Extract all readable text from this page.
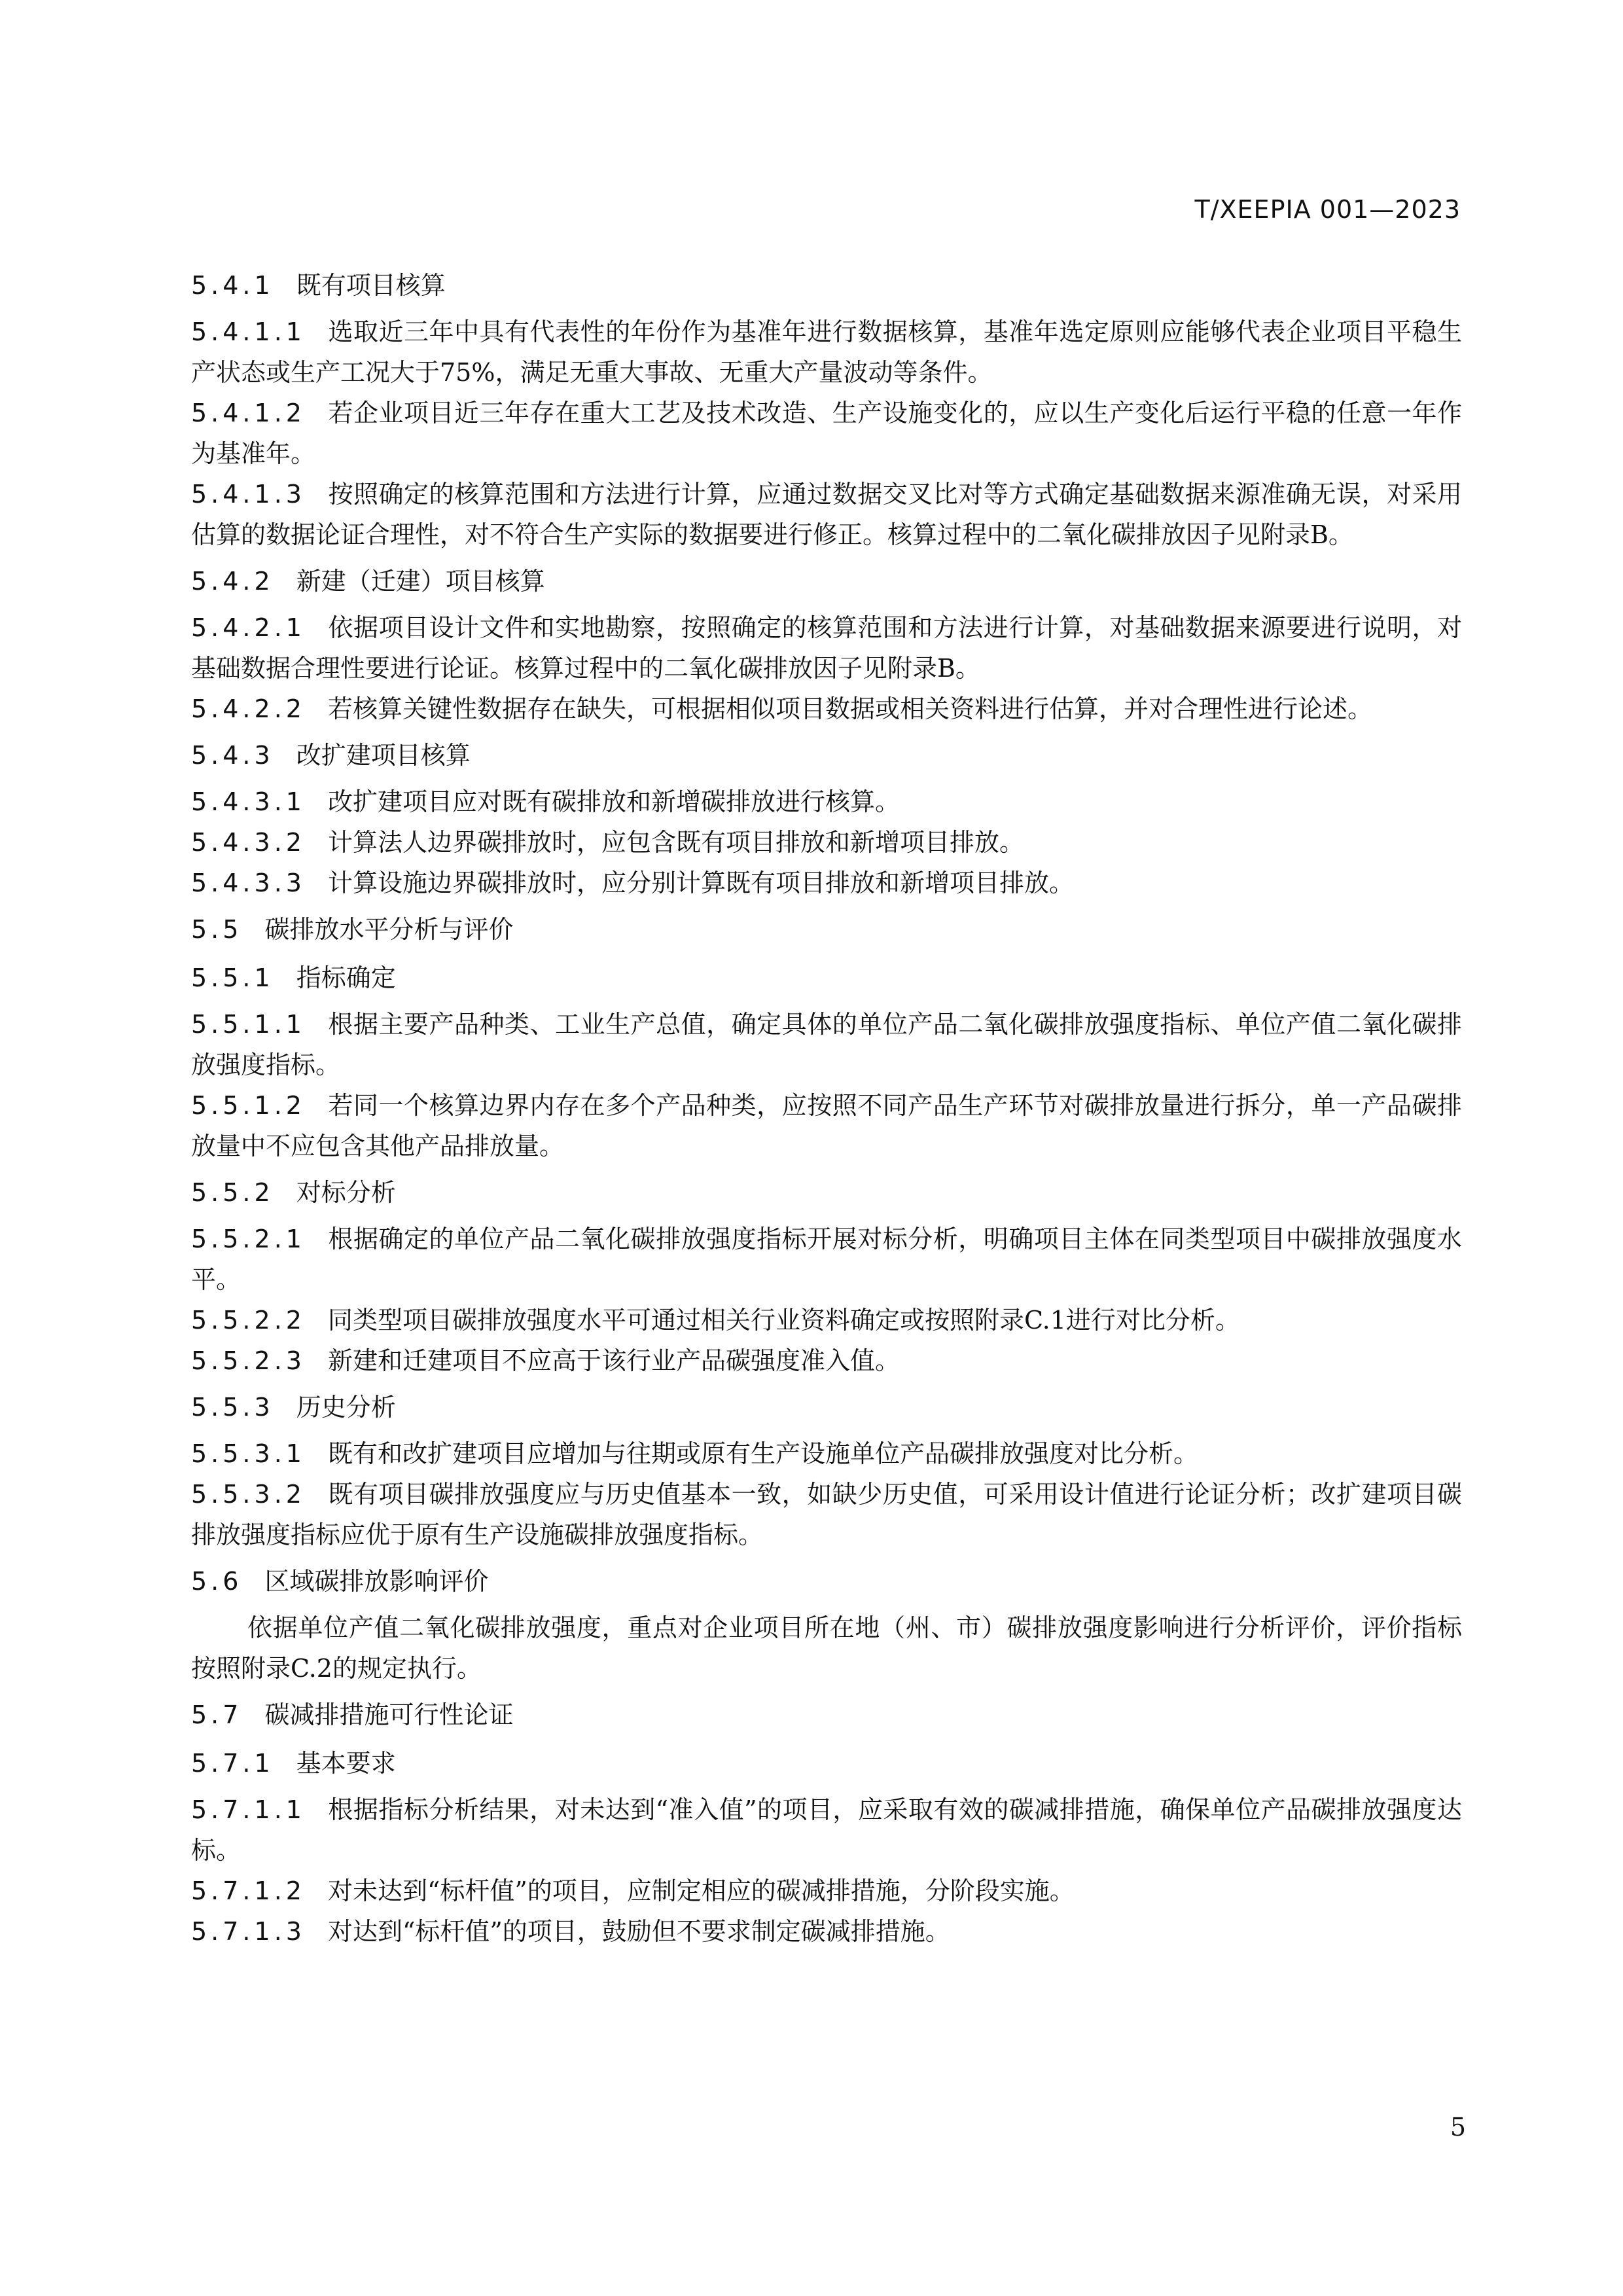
T/XEEPIA 001—2023
5.4.1 既有项目核算
5.4.1.1 选取近三年中具有代表性的年份作为基准年进行数据核算，基准年选定原则应能够代表企业项目平稳生产状态或生产工况大于75%，满足无重大事故、无重大产量波动等条件。
5.4.1.2 若企业项目近三年存在重大工艺及技术改造、生产设施变化的，应以生产变化后运行平稳的任意一年作为基准年。
5.4.1.3 按照确定的核算范围和方法进行计算，应通过数据交叉比对等方式确定基础数据来源准确无误，对采用估算的数据论证合理性，对不符合生产实际的数据要进行修正。核算过程中的二氧化碳排放因子见附录B。
5.4.2 新建（迁建）项目核算
5.4.2.1 依据项目设计文件和实地勘察，按照确定的核算范围和方法进行计算，对基础数据来源要进行说明，对基础数据合理性要进行论证。核算过程中的二氧化碳排放因子见附录B。
5.4.2.2 若核算关键性数据存在缺失，可根据相似项目数据或相关资料进行估算，并对合理性进行论述。
5.4.3 改扩建项目核算
5.4.3.1 改扩建项目应对既有碳排放和新增碳排放进行核算。
5.4.3.2 计算法人边界碳排放时，应包含既有项目排放和新增项目排放。
5.4.3.3 计算设施边界碳排放时，应分别计算既有项目排放和新增项目排放。
5.5 碳排放水平分析与评价
5.5.1 指标确定
5.5.1.1 根据主要产品种类、工业生产总值，确定具体的单位产品二氧化碳排放强度指标、单位产值二氧化碳排放强度指标。
5.5.1.2 若同一个核算边界内存在多个产品种类，应按照不同产品生产环节对碳排放量进行拆分，单一产品碳排放量中不应包含其他产品排放量。
5.5.2 对标分析
5.5.2.1 根据确定的单位产品二氧化碳排放强度指标开展对标分析，明确项目主体在同类型项目中碳排放强度水平。
5.5.2.2 同类型项目碳排放强度水平可通过相关行业资料确定或按照附录C.1进行对比分析。
5.5.2.3 新建和迁建项目不应高于该行业产品碳强度准入值。
5.5.3 历史分析
5.5.3.1 既有和改扩建项目应增加与往期或原有生产设施单位产品碳排放强度对比分析。
5.5.3.2 既有项目碳排放强度应与历史值基本一致，如缺少历史值，可采用设计值进行论证分析；改扩建项目碳排放强度指标应优于原有生产设施碳排放强度指标。
5.6 区域碳排放影响评价
依据单位产值二氧化碳排放强度，重点对企业项目所在地（州、市）碳排放强度影响进行分析评价，评价指标按照附录C.2的规定执行。
5.7 碳减排措施可行性论证
5.7.1 基本要求
5.7.1.1 根据指标分析结果，对未达到“准入值”的项目，应采取有效的碳减排措施，确保单位产品碳排放强度达标。
5.7.1.2 对未达到“标杆值”的项目，应制定相应的碳减排措施，分阶段实施。
5.7.1.3 对达到“标杆值”的项目，鼓励但不要求制定碳减排措施。
5
